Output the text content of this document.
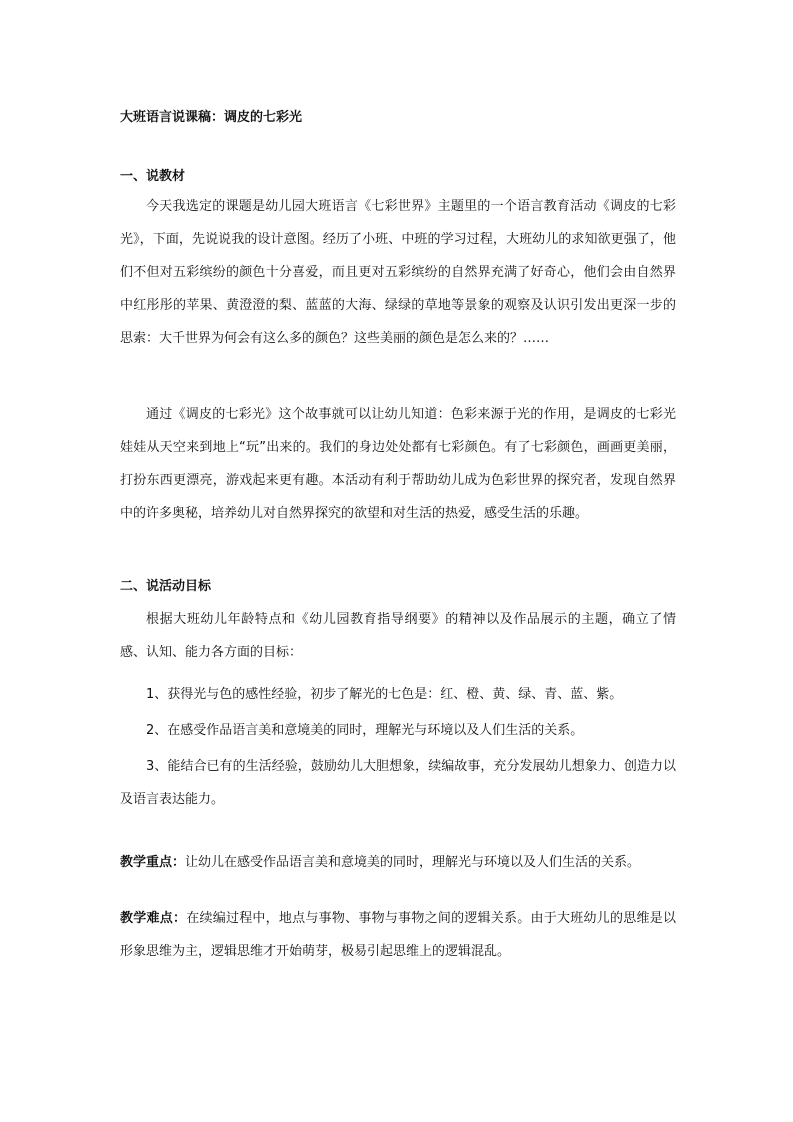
大班语言说课稿：调皮的七彩光
一、说教材

今天我选定的课题是幼儿园大班语言《七彩世界》主题里的一个语言教育活动《调皮的七彩光》，下面，先说说我的设计意图。经历了小班、中班的学习过程，大班幼儿的求知欲更强了，他们不但对五彩缤纷的颜色十分喜爱，而且更对五彩缤纷的自然界充满了好奇心，他们会由自然界中红彤彤的苹果、黄澄澄的梨、蓝蓝的大海、绿绿的草地等景象的观察及认识引发出更深一步的思索：大千世界为何会有这么多的颜色？这些美丽的颜色是怎么来的？……

通过《调皮的七彩光》这个故事就可以让幼儿知道：色彩来源于光的作用，是调皮的七彩光娃娃从天空来到地上“玩”出来的。我们的身边处处都有七彩颜色。有了七彩颜色，画画更美丽，打扮东西更漂亮，游戏起来更有趣。本活动有利于帮助幼儿成为色彩世界的探究者，发现自然界中的许多奥秘，培养幼儿对自然界探究的欲望和对生活的热爱，感受生活的乐趣。

二、说活动目标

根据大班幼儿年龄特点和《幼儿园教育指导纲要》的精神以及作品展示的主题，确立了情感、认知、能力各方面的目标：

1、获得光与色的感性经验，初步了解光的七色是：红、橙、黄、绿、青、蓝、紫。

2、在感受作品语言美和意境美的同时，理解光与环境以及人们生活的关系。

3、能结合已有的生活经验，鼓励幼儿大胆想象，续编故事，充分发展幼儿想象力、创造力以及语言表达能力。

教学重点：让幼儿在感受作品语言美和意境美的同时，理解光与环境以及人们生活的关系。

教学难点：在续编过程中，地点与事物、事物与事物之间的逻辑关系。由于大班幼儿的思维是以形象思维为主，逻辑思维才开始萌芽，极易引起思维上的逻辑混乱。
